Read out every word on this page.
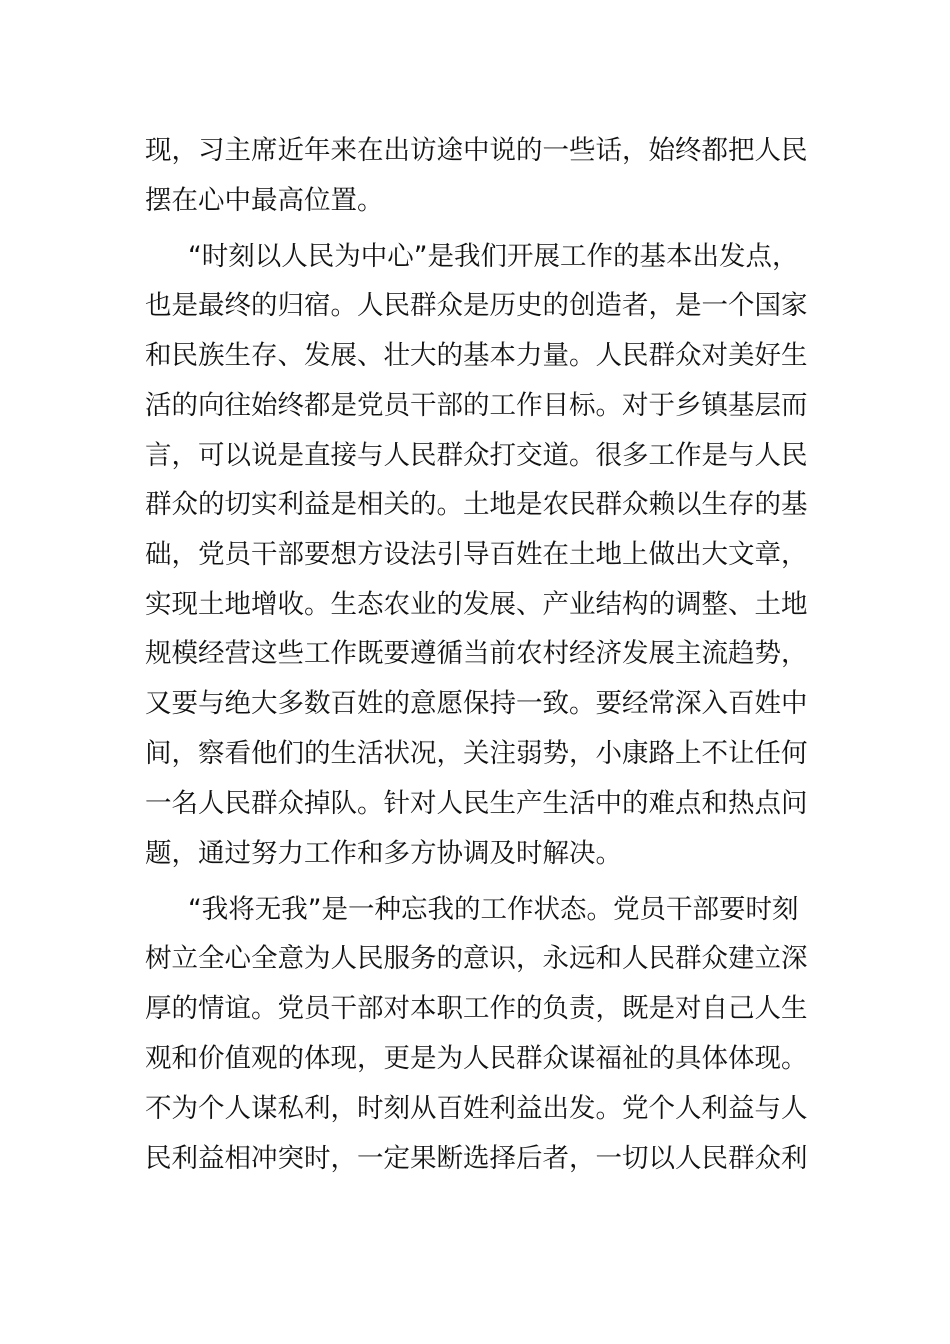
现，习主席近年来在出访途中说的一些话，始终都把人民
摆在心中最高位置。
“时刻以人民为中心”是我们开展工作的基本出发点，
也是最终的归宿。人民群众是历史的创造者，是一个国家
和民族生存、发展、壮大的基本力量。人民群众对美好生
活的向往始终都是党员干部的工作目标。对于乡镇基层而
言，可以说是直接与人民群众打交道。很多工作是与人民
群众的切实利益是相关的。土地是农民群众赖以生存的基
础，党员干部要想方设法引导百姓在土地上做出大文章，
实现土地增收。生态农业的发展、产业结构的调整、土地
规模经营这些工作既要遵循当前农村经济发展主流趋势，
又要与绝大多数百姓的意愿保持一致。要经常深入百姓中
间，察看他们的生活状况，关注弱势，小康路上不让任何
一名人民群众掉队。针对人民生产生活中的难点和热点问
题，通过努力工作和多方协调及时解决。
“我将无我”是一种忘我的工作状态。党员干部要时刻
树立全心全意为人民服务的意识，永远和人民群众建立深
厚的情谊。党员干部对本职工作的负责，既是对自己人生
观和价值观的体现，更是为人民群众谋福祉的具体体现。
不为个人谋私利，时刻从百姓利益出发。党个人利益与人
民利益相冲突时，一定果断选择后者，一切以人民群众利
